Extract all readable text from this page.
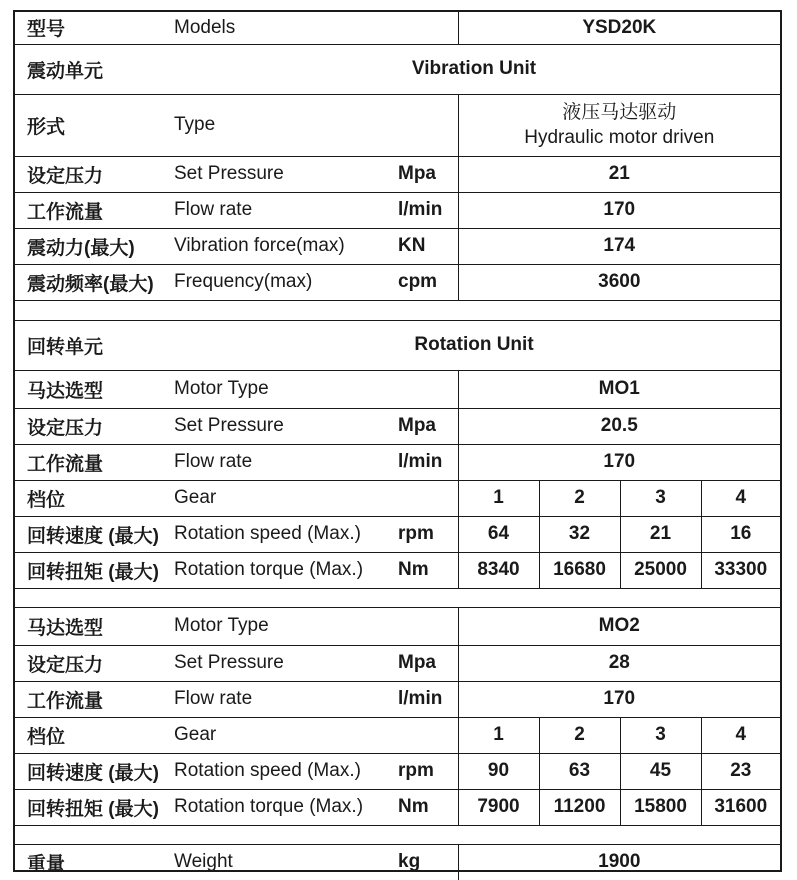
型号	Models		YSD20K			
震动单元	Vibration Unit					
形式	Type		液压马达驱动
Hydraulic motor driven			

设定压力	Set Pressure	Mpa	21			
工作流量	Flow rate	l/min	170			
震动力(最大)	Vibration force(max)	KN	174			
震动频率(最大)	Frequency(max)	cpm	3600			

回转单元	Rotation Unit					
马达选型	Motor Type		MO1			
设定压力	Set Pressure	Mpa	20.5			
工作流量	Flow rate	l/min	170			
档位	Gear		1	2	3	4
回转速度 (最大)	Rotation speed (Max.)	rpm	64	32	21	16
回转扭矩 (最大)	Rotation torque (Max.)	Nm	8340	16680	25000	33300

马达选型	Motor Type		MO2			
设定压力	Set Pressure	Mpa	28			
工作流量	Flow rate	l/min	170			
档位	Gear		1	2	3	4
回转速度 (最大)	Rotation speed (Max.)	rpm	90	63	45	23
回转扭矩 (最大)	Rotation torque (Max.)	Nm	7900	11200	15800	31600

重量	Weight	kg	1900			
